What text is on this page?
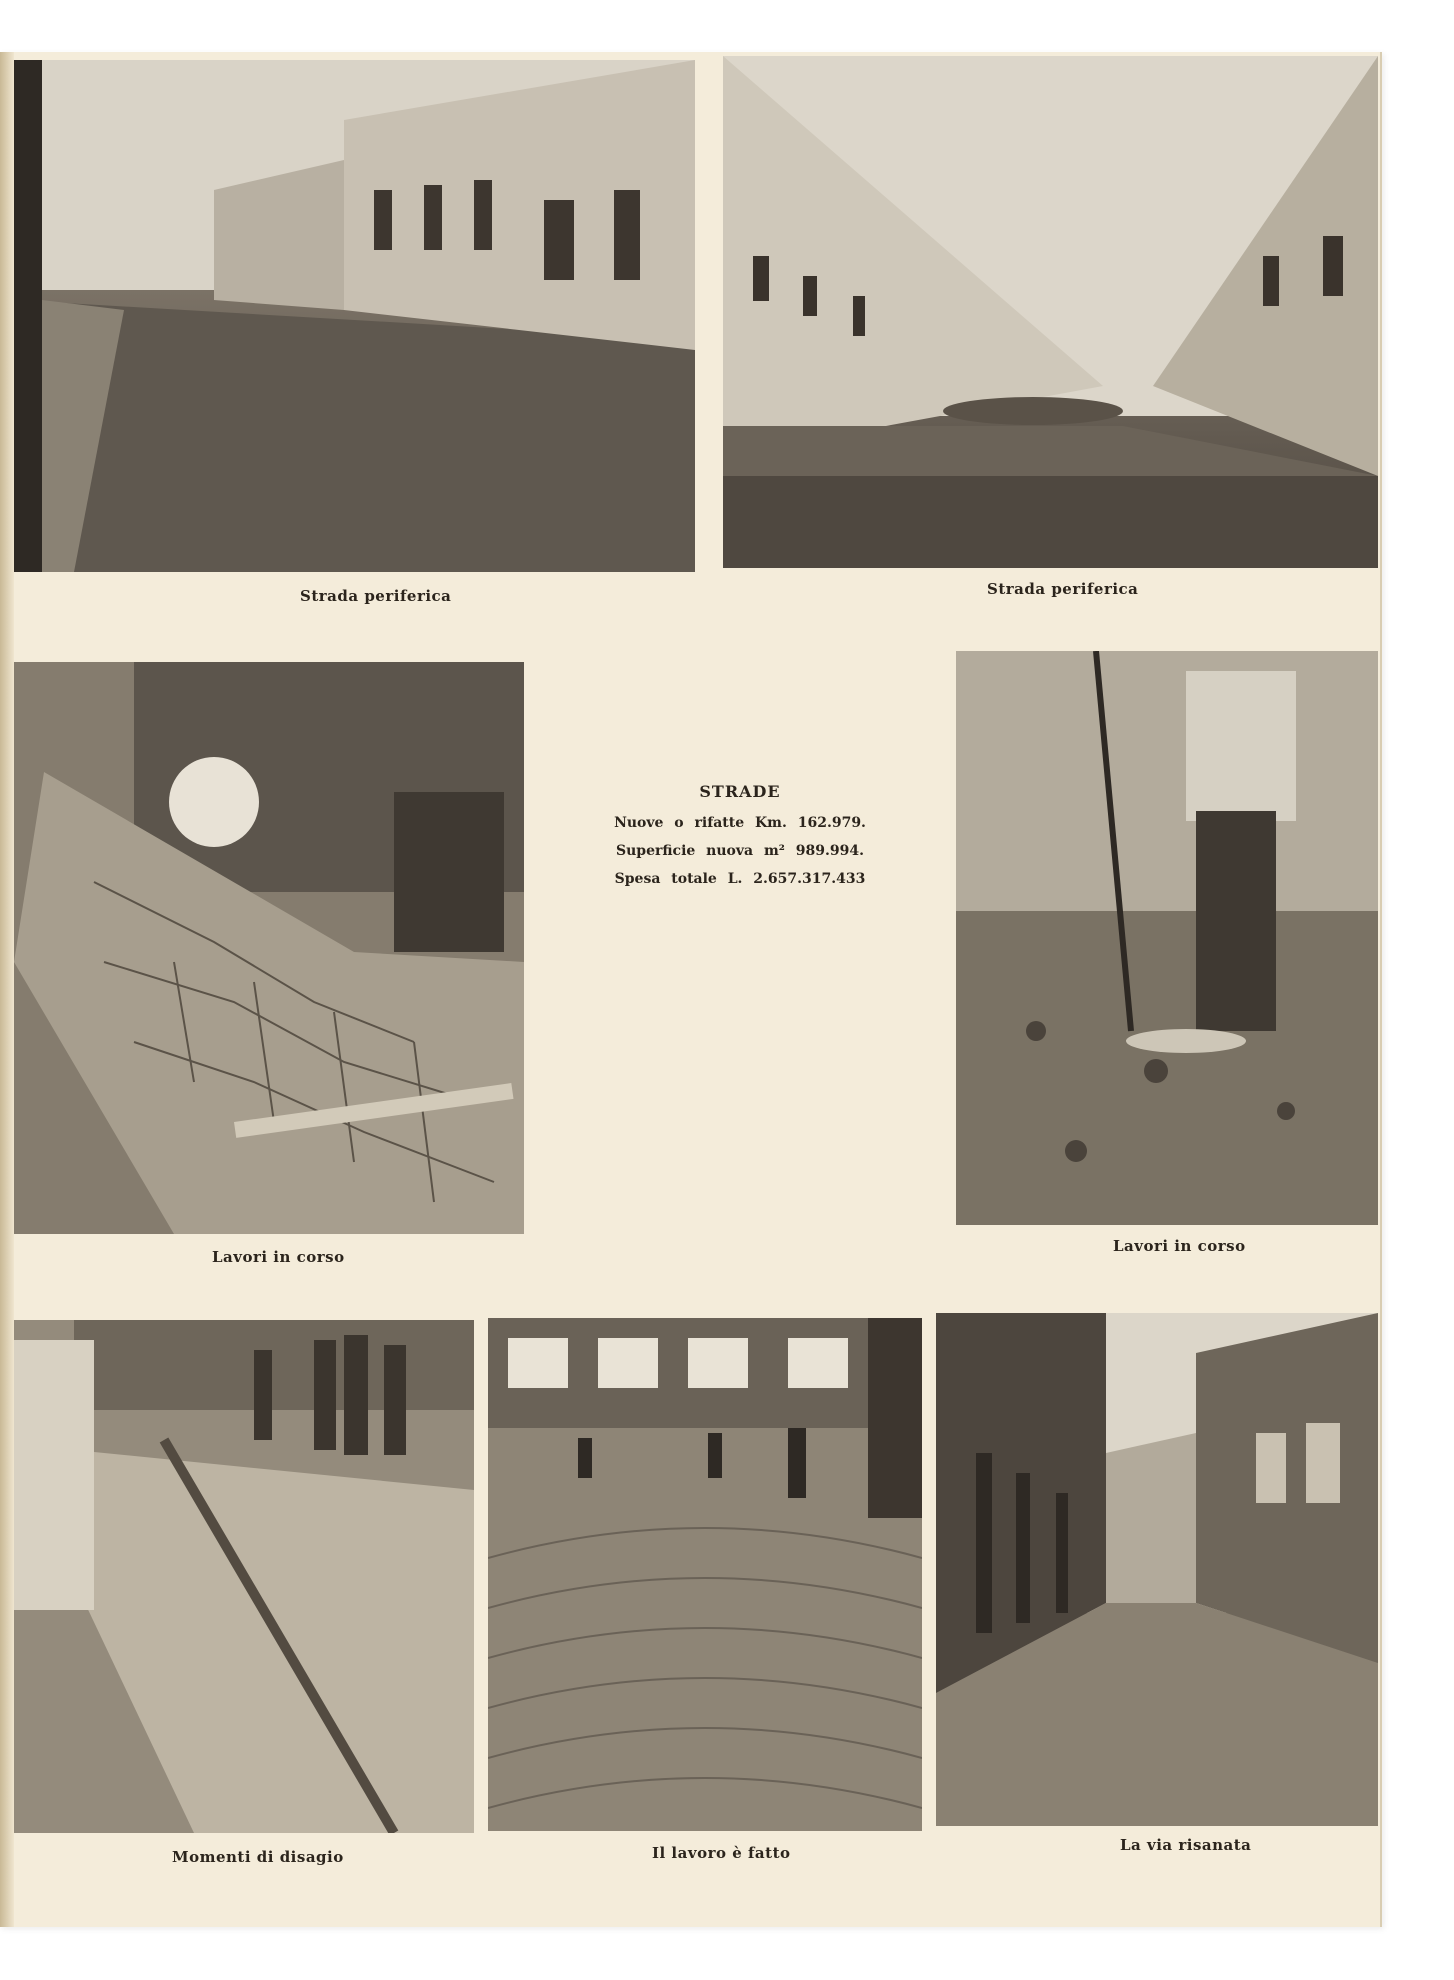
Strada periferica	Strada periferica
Lavori in corso
STRADE
Nuove o rifatte Km. 162.979.
Superficie nuova m² 989.994.
Spesa totale L. 2.657.317.433
Lavori in corso
Momenti di disagio	Il lavoro è fatto	La via risanata
